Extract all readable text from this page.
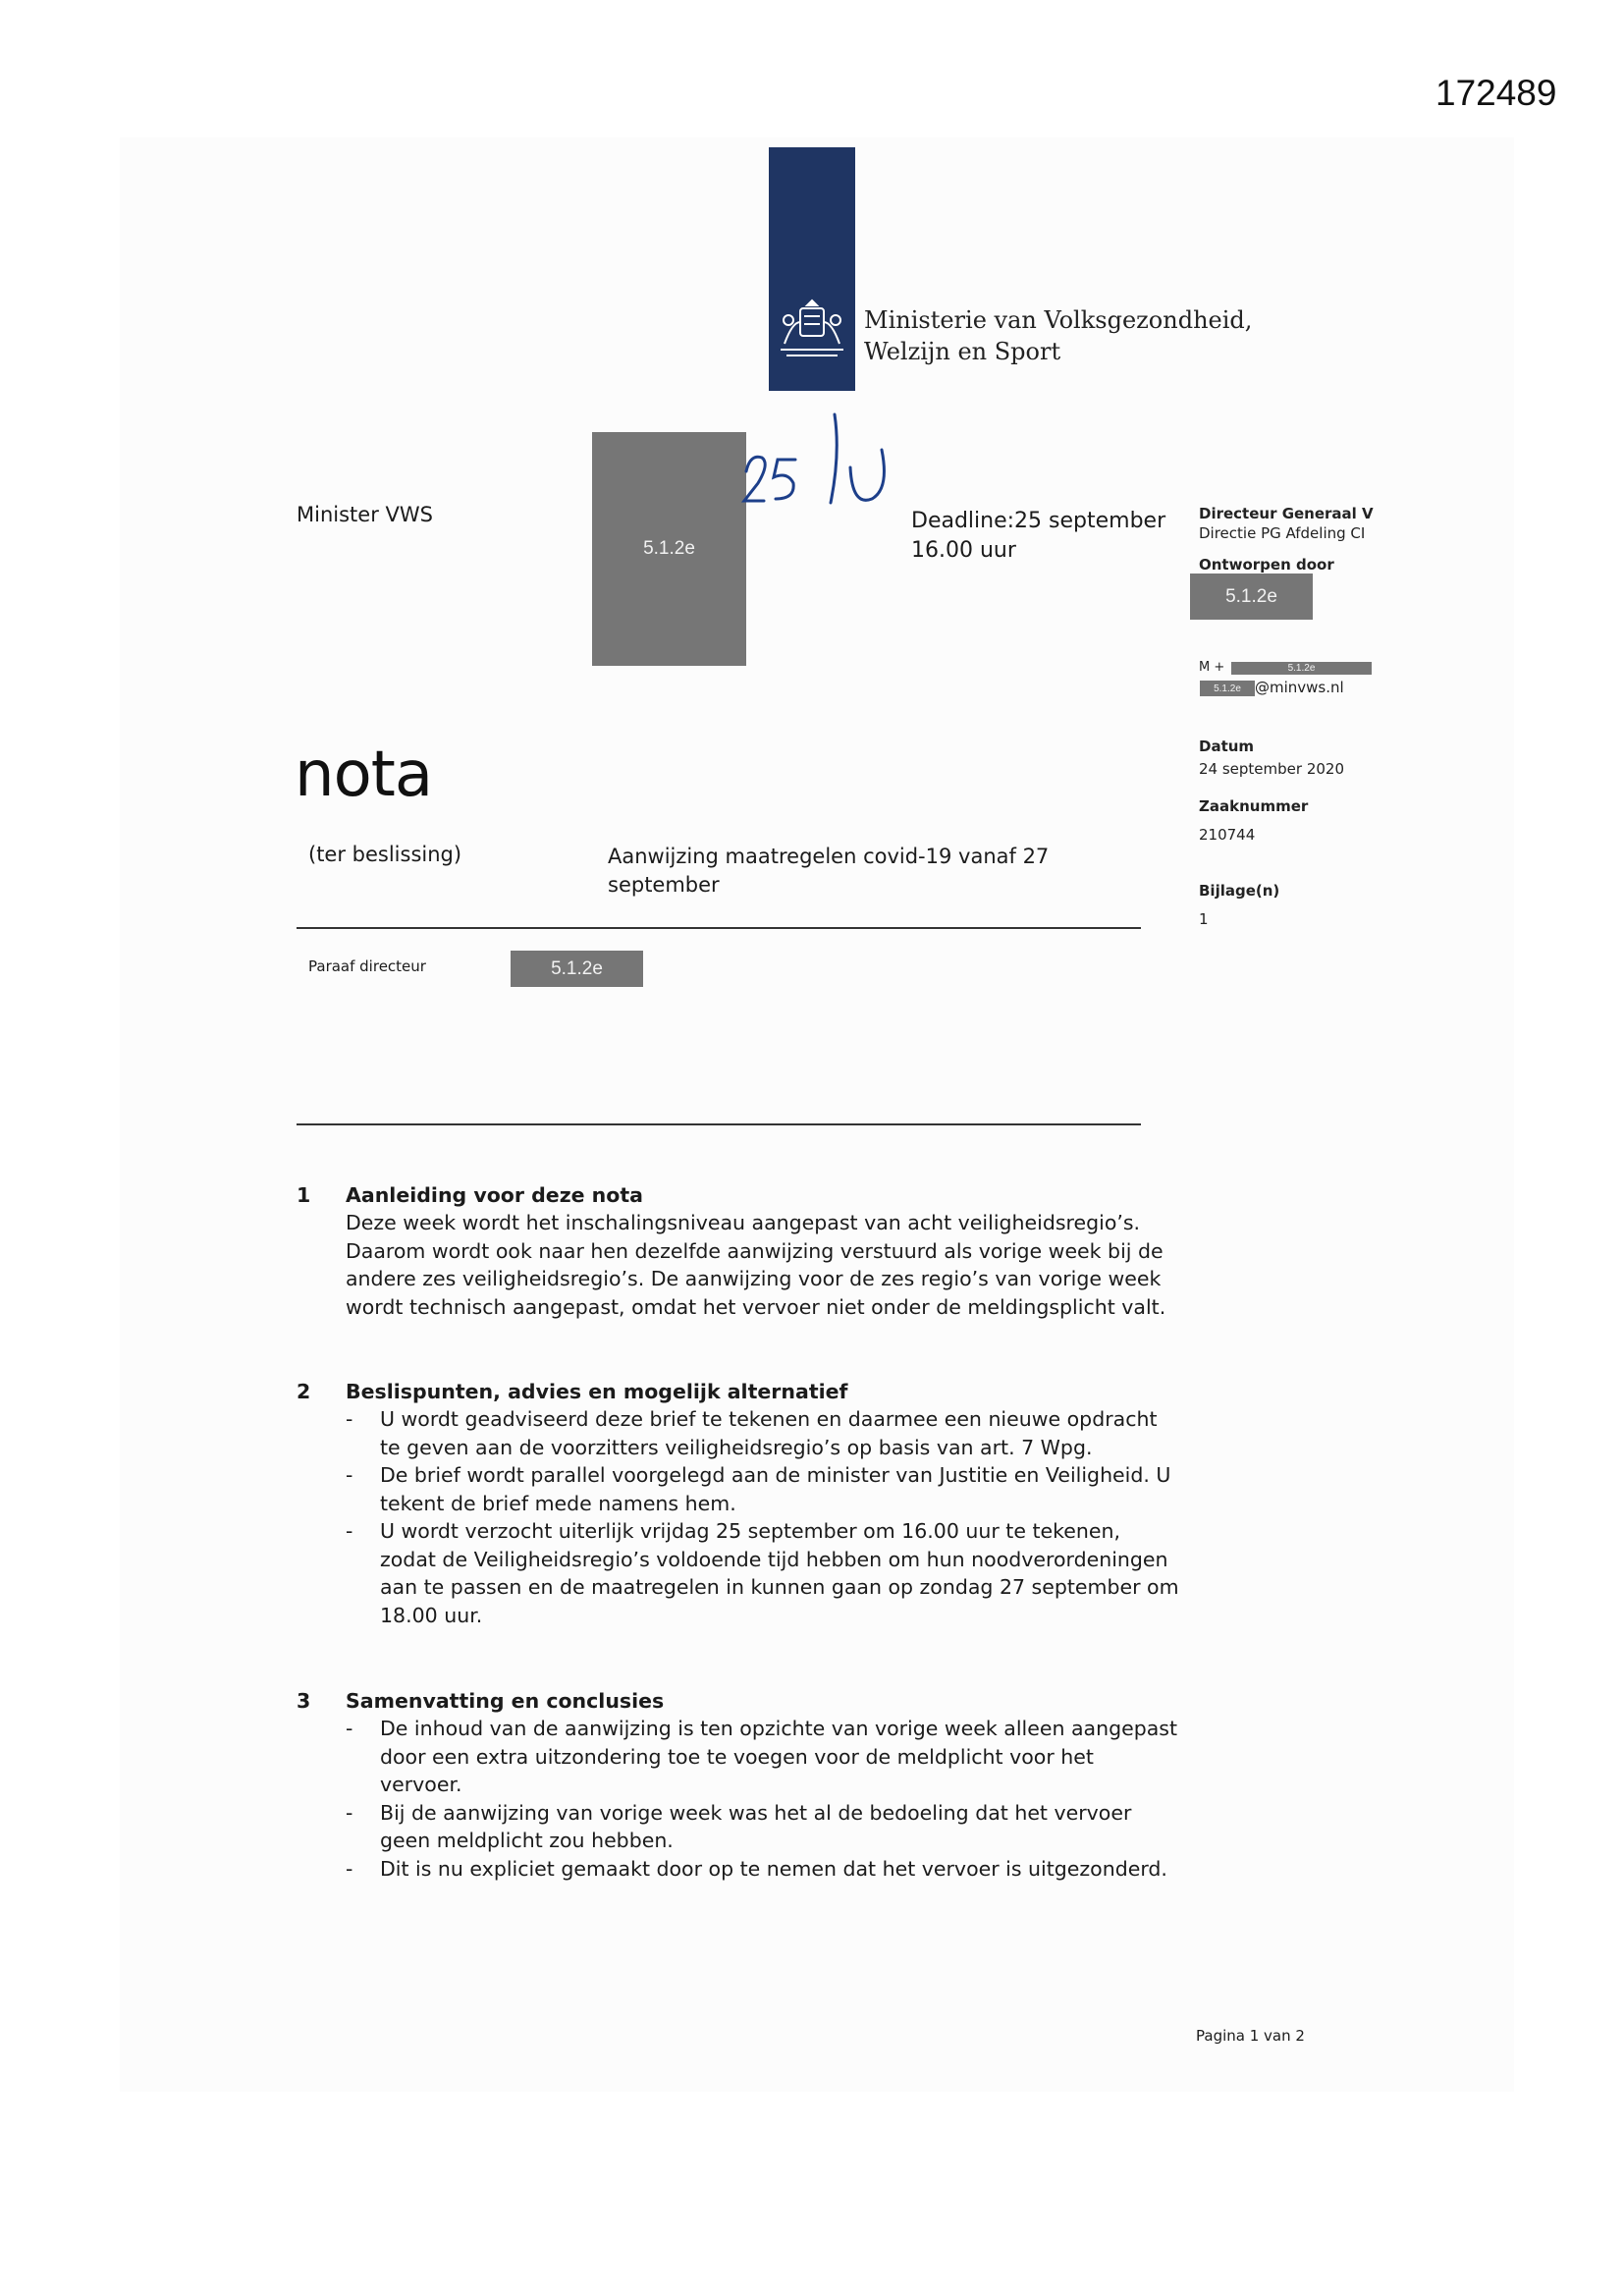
172489
Ministerie van Volksgezondheid,
Welzijn en Sport
Minister VWS
5.1.2e
Deadline:25 september
16.00 uur
Directeur Generaal V
Directie PG Afdeling CI
Ontworpen door
5.1.2e
M +	5.1.2e
5.1.2e @minvws.nl
Datum
24 september 2020
Zaaknummer
210744
Bijlage(n)
1
nota
(ter beslissing)	Aanwijzing maatregelen covid-19 vanaf 27 september
Paraaf directeur	5.1.2e
1 Aanleiding voor deze nota
Deze week wordt het inschalingsniveau aangepast van acht veiligheidsregio’s. Daarom wordt ook naar hen dezelfde aanwijzing verstuurd als vorige week bij de andere zes veiligheidsregio’s. De aanwijzing voor de zes regio’s van vorige week wordt technisch aangepast, omdat het vervoer niet onder de meldingsplicht valt.
2 Beslispunten, advies en mogelijk alternatief
- U wordt geadviseerd deze brief te tekenen en daarmee een nieuwe opdracht te geven aan de voorzitters veiligheidsregio’s op basis van art. 7 Wpg.
- De brief wordt parallel voorgelegd aan de minister van Justitie en Veiligheid. U tekent de brief mede namens hem.
- U wordt verzocht uiterlijk vrijdag 25 september om 16.00 uur te tekenen, zodat de Veiligheidsregio’s voldoende tijd hebben om hun noodverordeningen aan te passen en de maatregelen in kunnen gaan op zondag 27 september om 18.00 uur.
3 Samenvatting en conclusies
- De inhoud van de aanwijzing is ten opzichte van vorige week alleen aangepast door een extra uitzondering toe te voegen voor de meldplicht voor het vervoer.
- Bij de aanwijzing van vorige week was het al de bedoeling dat het vervoer geen meldplicht zou hebben.
- Dit is nu expliciet gemaakt door op te nemen dat het vervoer is uitgezonderd.
Pagina 1 van 2
